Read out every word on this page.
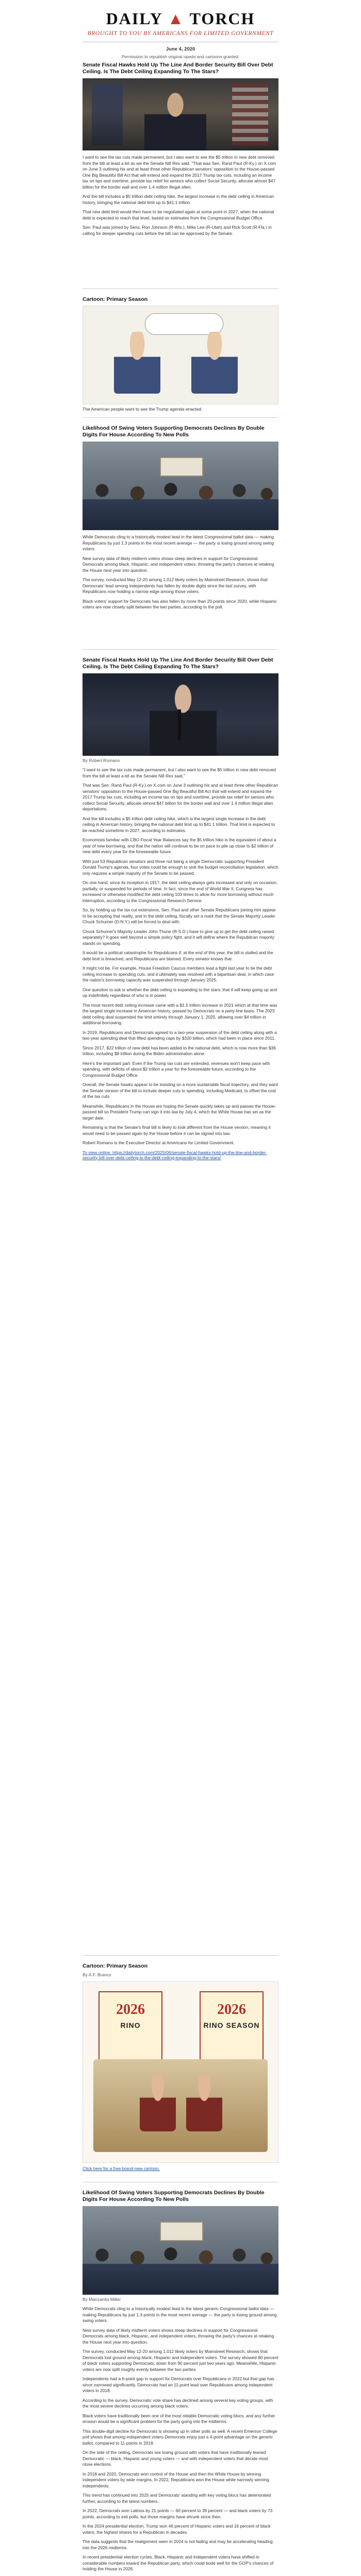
DAILY ▲ TORCH
BROUGHT TO YOU BY AMERICANS FOR LIMITED GOVERNMENT
June 4, 2020
Permission to republish original opeds and cartoons granted.
Senate Fiscal Hawks Hold Up The Line And Border Security Bill Over Debt Ceiling. Is The Debt Ceiling Expanding To The Stars?

I want to see the tax cuts made permanent, but I also want to see the $5 trillion in new debt removed from the bill at least a bit as we the Senate Nill Rex said. "That was Sen. Rand Paul (R-Ky.) on X.com on June 3 outlining his and at least three other Republican senators' opposition to the House-passed One Big Beautiful Bill Act that will extend and expand the 2017 Trump tax cuts, including an income tax on tips and overtime, provide tax relief for seniors who collect Social Security, allocate almost $47 billion for the border wall and over 1.4 million illegal alien.

And the bill includes a $5 trillion debt ceiling hike, the largest increase in the debt ceiling in American history, bringing the national debt limit up to $41.1 trillion.

That new debt limit would then have to be negotiated again at some point in 2027, when the national debt is expected to reach that level, based on estimates from the Congressional Budget Office.

Sen. Paul was joined by Sens. Ron Johnson (R-Wis.), Mike Lee (R-Utah) and Rick Scott (R-Fla.) in calling for deeper spending cuts before the bill can be approved by the Senate.

Cartoon: Primary Season

The American people want to see the Trump agenda enacted.

Likelihood Of Swing Voters Supporting Democrats Declines By Double Digits For House According To New Polls

While Democrats cling to a historically modest lead in the latest Congressional ballot data — making Republicans by just 1.3 points in the most recent average — the party is losing ground among swing voters.

New survey data of likely midterm voters shows steep declines in support for Congressional Democrats among black, Hispanic, and independent voters, throwing the party's chances at retaking the House next year into question.

The survey, conducted May 12-20 among 1,012 likely voters by Mainstreet Research, shows that Democrats' lead among independents has fallen by double digits since the last survey, with Republicans now holding a narrow edge among those voters.

Black voters' support for Democrats has also fallen by more than 20 points since 2020, while Hispanic voters are now closely split between the two parties, according to the poll.

Senate Fiscal Hawks Hold Up The Line And Border Security Bill Over Debt Ceiling. Is The Debt Ceiling Expanding To The Stars?
By Robert Romano

"I want to see the tax cuts made permanent, but I also want to see the $5 trillion in new debt removed from the bill at least a bit as the Senate Nill Rex said."

That was Sen. Rand Paul (R-Ky.) on X.com on June 3 outlining his and at least three other Republican senators' opposition to the House-passed One Big Beautiful Bill Act that will extend and expand the 2017 Trump tax cuts, including an income tax on tips and overtime, provide tax relief for seniors who collect Social Security, allocate almost $47 billion for the border wall and over 1.4 million illegal alien deportations.

And the bill includes a $5 trillion debt ceiling hike, which is the largest single increase in the debt ceiling in American history, bringing the national debt limit up to $41.1 trillion. That limit is expected to be reached sometime in 2027, according to estimates.

Economists familiar with CBO Fiscal Year Balances say the $5 trillion hike is the equivalent of about a year of new borrowing, and that the nation will continue to be on pace to pile up close to $2 trillion of new debt every year for the foreseeable future.

With just 53 Republican senators and three not being a single Democratic supporting President Donald Trump's agenda, four votes could be enough to sink the budget reconciliation legislation, which only requires a simple majority of the Senate to be passed.

On one hand, since its inception in 1917, the debt ceiling always gets increased and only on occasion, partially, or suspended for periods of time. In fact, since the end of World War II, Congress has increased or otherwise modified the debt ceiling 103 times to allow for more borrowing without much interruption, according to the Congressional Research Service.

So, by holding up the tax cut extensions, Sen. Paul and other Senate Republicans joining him appear to be accepting that reality, and in the debt ceiling, fiscally set a mark that the Senate Majority Leader Chuck Schumer (D-N.Y.) will be forced to deal with.

Chuck Schumer's Majority Leader John Thune (R-S.D.) have to give up to get the debt ceiling raised separately? It goes well beyond a simple policy fight, and it will define where the Republican majority stands on spending.

It would be a political catastrophe for Republicans if, at the end of this year, the bill is stalled and the debt limit is breached, and Republicans are blamed. Every senator knows that.

It might not be. For example, House Freedom Caucus members lead a fight last year to tie the debt ceiling increase to spending cuts, and it ultimately was resolved with a bipartisan deal, in which case the nation's borrowing capacity was suspended through January 2025.

One question to ask is whether the debt ceiling is expanding to the stars: that it will keep going up and up indefinitely regardless of who is in power.

The most recent debt ceiling increase came with a $1.5 trillion increase in 2021 which at that time was the largest single increase in American history, passed by Democrats on a party-line basis. The 2023 debt ceiling deal suspended the limit entirely through January 1, 2025, allowing over $4 trillion in additional borrowing.

In 2019, Republicans and Democrats agreed to a two-year suspension of the debt ceiling along with a two-year spending deal that lifted spending caps by $320 billion, which had been in place since 2011.

Since 2017, $22 trillion of new debt has been added to the national debt, which is now more than $36 trillion, including $8 trillion during the Biden administration alone.

Here's the important part: Even if the Trump tax cuts are extended, revenues won't keep pace with spending, with deficits of about $2 trillion a year for the foreseeable future, according to the Congressional Budget Office.

Overall, the Senate hawks appear to be insisting on a more sustainable fiscal trajectory, and they want the Senate version of the bill to include deeper cuts to spending, including Medicaid, to offset the cost of the tax cuts.

Meanwhile, Republicans in the House are hoping the Senate quickly takes up and passes the House-passed bill so President Trump can sign it into law by July 4, which the White House has set as the target date.

Remaining is that the Senate's final bill is likely to look different from the House version, meaning it would need to be passed again by the House before it can be signed into law.

Robert Romano is the Executive Director at Americans for Limited Government.

To view online: https://dailytorch.com/2025/06/senate-fiscal-hawks-hold-up-the-line-and-border-security-bill-over-debt-ceiling-is-the-debt-ceiling-expanding-to-the-stars/

Cartoon: Primary Season
By A.F. Branco
2026
RINO
2026
RINO SEASON

Click here for a free brand-new cartoon.

Likelihood Of Swing Voters Supporting Democrats Declines By Double Digits For House According To New Polls
By Manzanita Miller

While Democrats cling to a historically modest lead in the latest generic Congressional ballot data — making Republicans by just 1.3 points in the most recent average — the party is losing ground among swing voters.

New survey data of likely midterm voters shows steep declines in support for Congressional Democrats among black, Hispanic, and independent voters, throwing the party's chances at retaking the House next year into question.

The survey, conducted May 12-20 among 1,012 likely voters by Mainstreet Research, shows that Democrats lost ground among black, Hispanic and independent voters. The survey showed 80 percent of black voters supporting Democrats, down from 90 percent just two years ago. Meanwhile, Hispanic voters are now split roughly evenly between the two parties.

Independents had a 6-point gap in support for Democrats over Republicans in 2022 but that gap has since narrowed significantly. Democrats had an 11-point lead over Republicans among independent voters in 2018.

According to the survey, Democratic vote share has declined among several key voting groups, with the most severe declines occurring among black voters.

Black voters have traditionally been one of the most reliable Democratic voting blocs, and any further erosion would be a significant problem for the party going into the midterms.

This double-digit decline for Democrats is showing up in other polls as well. A recent Emerson College poll shows that among independent voters Democrats enjoy just a 4-point advantage on the generic ballot, compared to 11 points in 2018.

On the side of the ceiling, Democrats are losing ground with voters that have traditionally leaned Democratic — black, Hispanic and young voters — and with independent voters that decide most close elections.

In 2018 and 2020, Democrats won control of the House and then the White House by winning independent voters by wide margins. In 2022, Republicans won the House while narrowly winning independents.

This trend has continued into 2025 and Democrats' standing with key voting blocs has deteriorated further, according to the latest numbers.

In 2022, Democrats won Latinos by 21 points — 60 percent to 39 percent — and black voters by 73 points, according to exit polls, but those margins have shrunk since then.

In the 2024 presidential election, Trump won 46 percent of Hispanic voters and 16 percent of black voters, the highest shares for a Republican in decades.

The data suggests that the realignment seen in 2024 is not fading and may be accelerating heading into the 2026 midterms.

In recent presidential election cycles, Black, Hispanic and independent voters have shifted in considerable numbers toward the Republican party, which could bode well for the GOP's chances of holding the House in 2026.
